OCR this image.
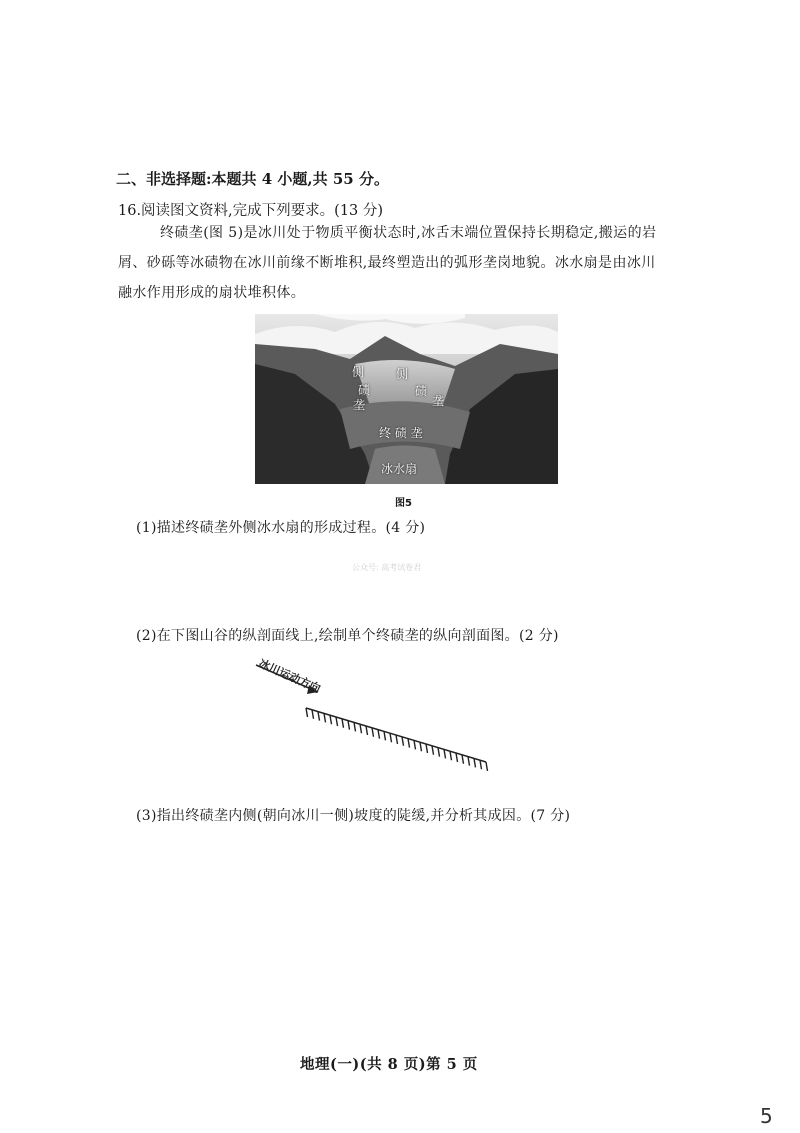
二、非选择题:本题共 4 小题,共 55 分。
16.阅读图文资料,完成下列要求。(13 分)
终碛垄(图 5)是冰川处于物质平衡状态时,冰舌末端位置保持长期稳定,搬运的岩
屑、砂砾等冰碛物在冰川前缘不断堆积,最终塑造出的弧形垄岗地貌。冰水扇是由冰川
融水作用形成的扇状堆积体。
侧
碛
垄
侧
碛
垄
终 碛 垄
冰水扇
图5
(1)描述终碛垄外侧冰水扇的形成过程。(4 分)
公众号: 高考试卷君
(2)在下图山谷的纵剖面线上,绘制单个终碛垄的纵向剖面图。(2 分)
冰川运动方向
(3)指出终碛垄内侧(朝向冰川一侧)坡度的陡缓,并分析其成因。(7 分)
地理(一)(共 8 页)第 5 页
5
